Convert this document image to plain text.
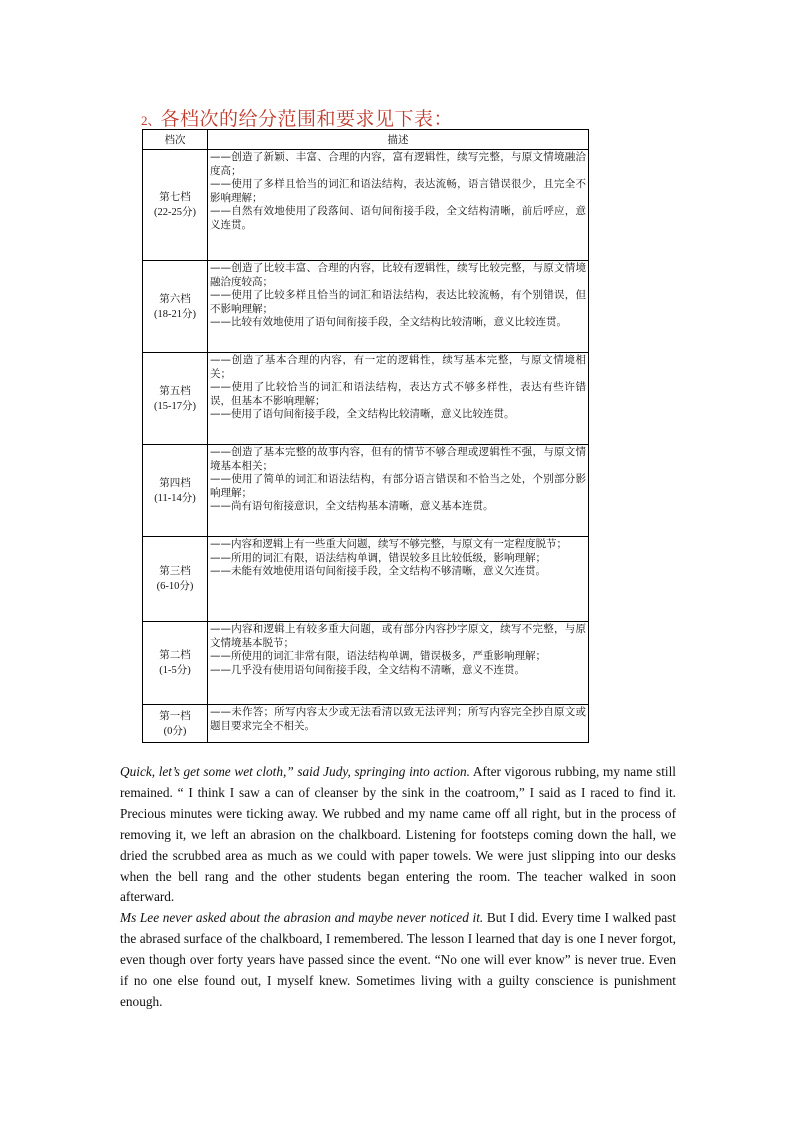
2、 各档次的给分范围和要求见下表：
档次	描述

第七档
(22-25分)	——创造了新颖、丰富、合理的内容，富有逻辑性，续写完整，与原文情境融洽度高；
——使用了多样且恰当的词汇和语法结构，表达流畅，语言错误很少，且完全不影响理解；
——自然有效地使用了段落间、语句间衔接手段，全文结构清晰，前后呼应，意义连贯。

第六档
(18-21分)	——创造了比较丰富、合理的内容，比较有逻辑性，续写比较完整，与原文情境融洽度较高；
——使用了比较多样且恰当的词汇和语法结构，表达比较流畅，有个别错误，但不影响理解；
——比较有效地使用了语句间衔接手段，全文结构比较清晰，意义比较连贯。

第五档
(15-17分)	——创造了基本合理的内容，有一定的逻辑性，续写基本完整，与原文情境相关；
——使用了比较恰当的词汇和语法结构，表达方式不够多样性，表达有些许错误，但基本不影响理解；
——使用了语句间衔接手段，全文结构比较清晰，意义比较连贯。

第四档
(11-14分)	——创造了基本完整的故事内容，但有的情节不够合理或逻辑性不强，与原文情境基本相关；
——使用了简单的词汇和语法结构，有部分语言错误和不恰当之处，个别部分影响理解；
——尚有语句衔接意识，全文结构基本清晰，意义基本连贯。

第三档
(6-10分)	——内容和逻辑上有一些重大问题，续写不够完整，与原文有一定程度脱节；
——所用的词汇有限，语法结构单调，错误较多且比较低级，影响理解；
——未能有效地使用语句间衔接手段，全文结构不够清晰，意义欠连贯。

第二档
(1-5分)	——内容和逻辑上有较多重大问题，或有部分内容抄字原文，续写不完整，与原文情境基本脱节；
——所使用的词汇非常有限，语法结构单调，错误极多，严重影响理解；
——几乎没有使用语句间衔接手段，全文结构不清晰，意义不连贯。

第一档
(0分)	——未作答；所写内容太少或无法看清以致无法评判；所写内容完全抄自原文或题目要求完全不相关。

Quick, let’s get some wet cloth,” said Judy, springing into action. After vigorous rubbing, my name still remained. “ I think I saw a can of cleanser by the sink in the coatroom,” I said as I raced to find it. Precious minutes were ticking away. We rubbed and my name came off all right, but in the process of removing it, we left an abrasion on the chalkboard. Listening for footsteps coming down the hall, we dried the scrubbed area as much as we could with paper towels. We were just slipping into our desks when the bell rang and the other students began entering the room. The teacher walked in soon afterward.

Ms Lee never asked about the abrasion and maybe never noticed it. But I did. Every time I walked past the abrased surface of the chalkboard, I remembered. The lesson I learned that day is one I never forgot, even though over forty years have passed since the event. “No one will ever know” is never true. Even if no one else found out, I myself knew. Sometimes living with a guilty conscience is punishment enough.
